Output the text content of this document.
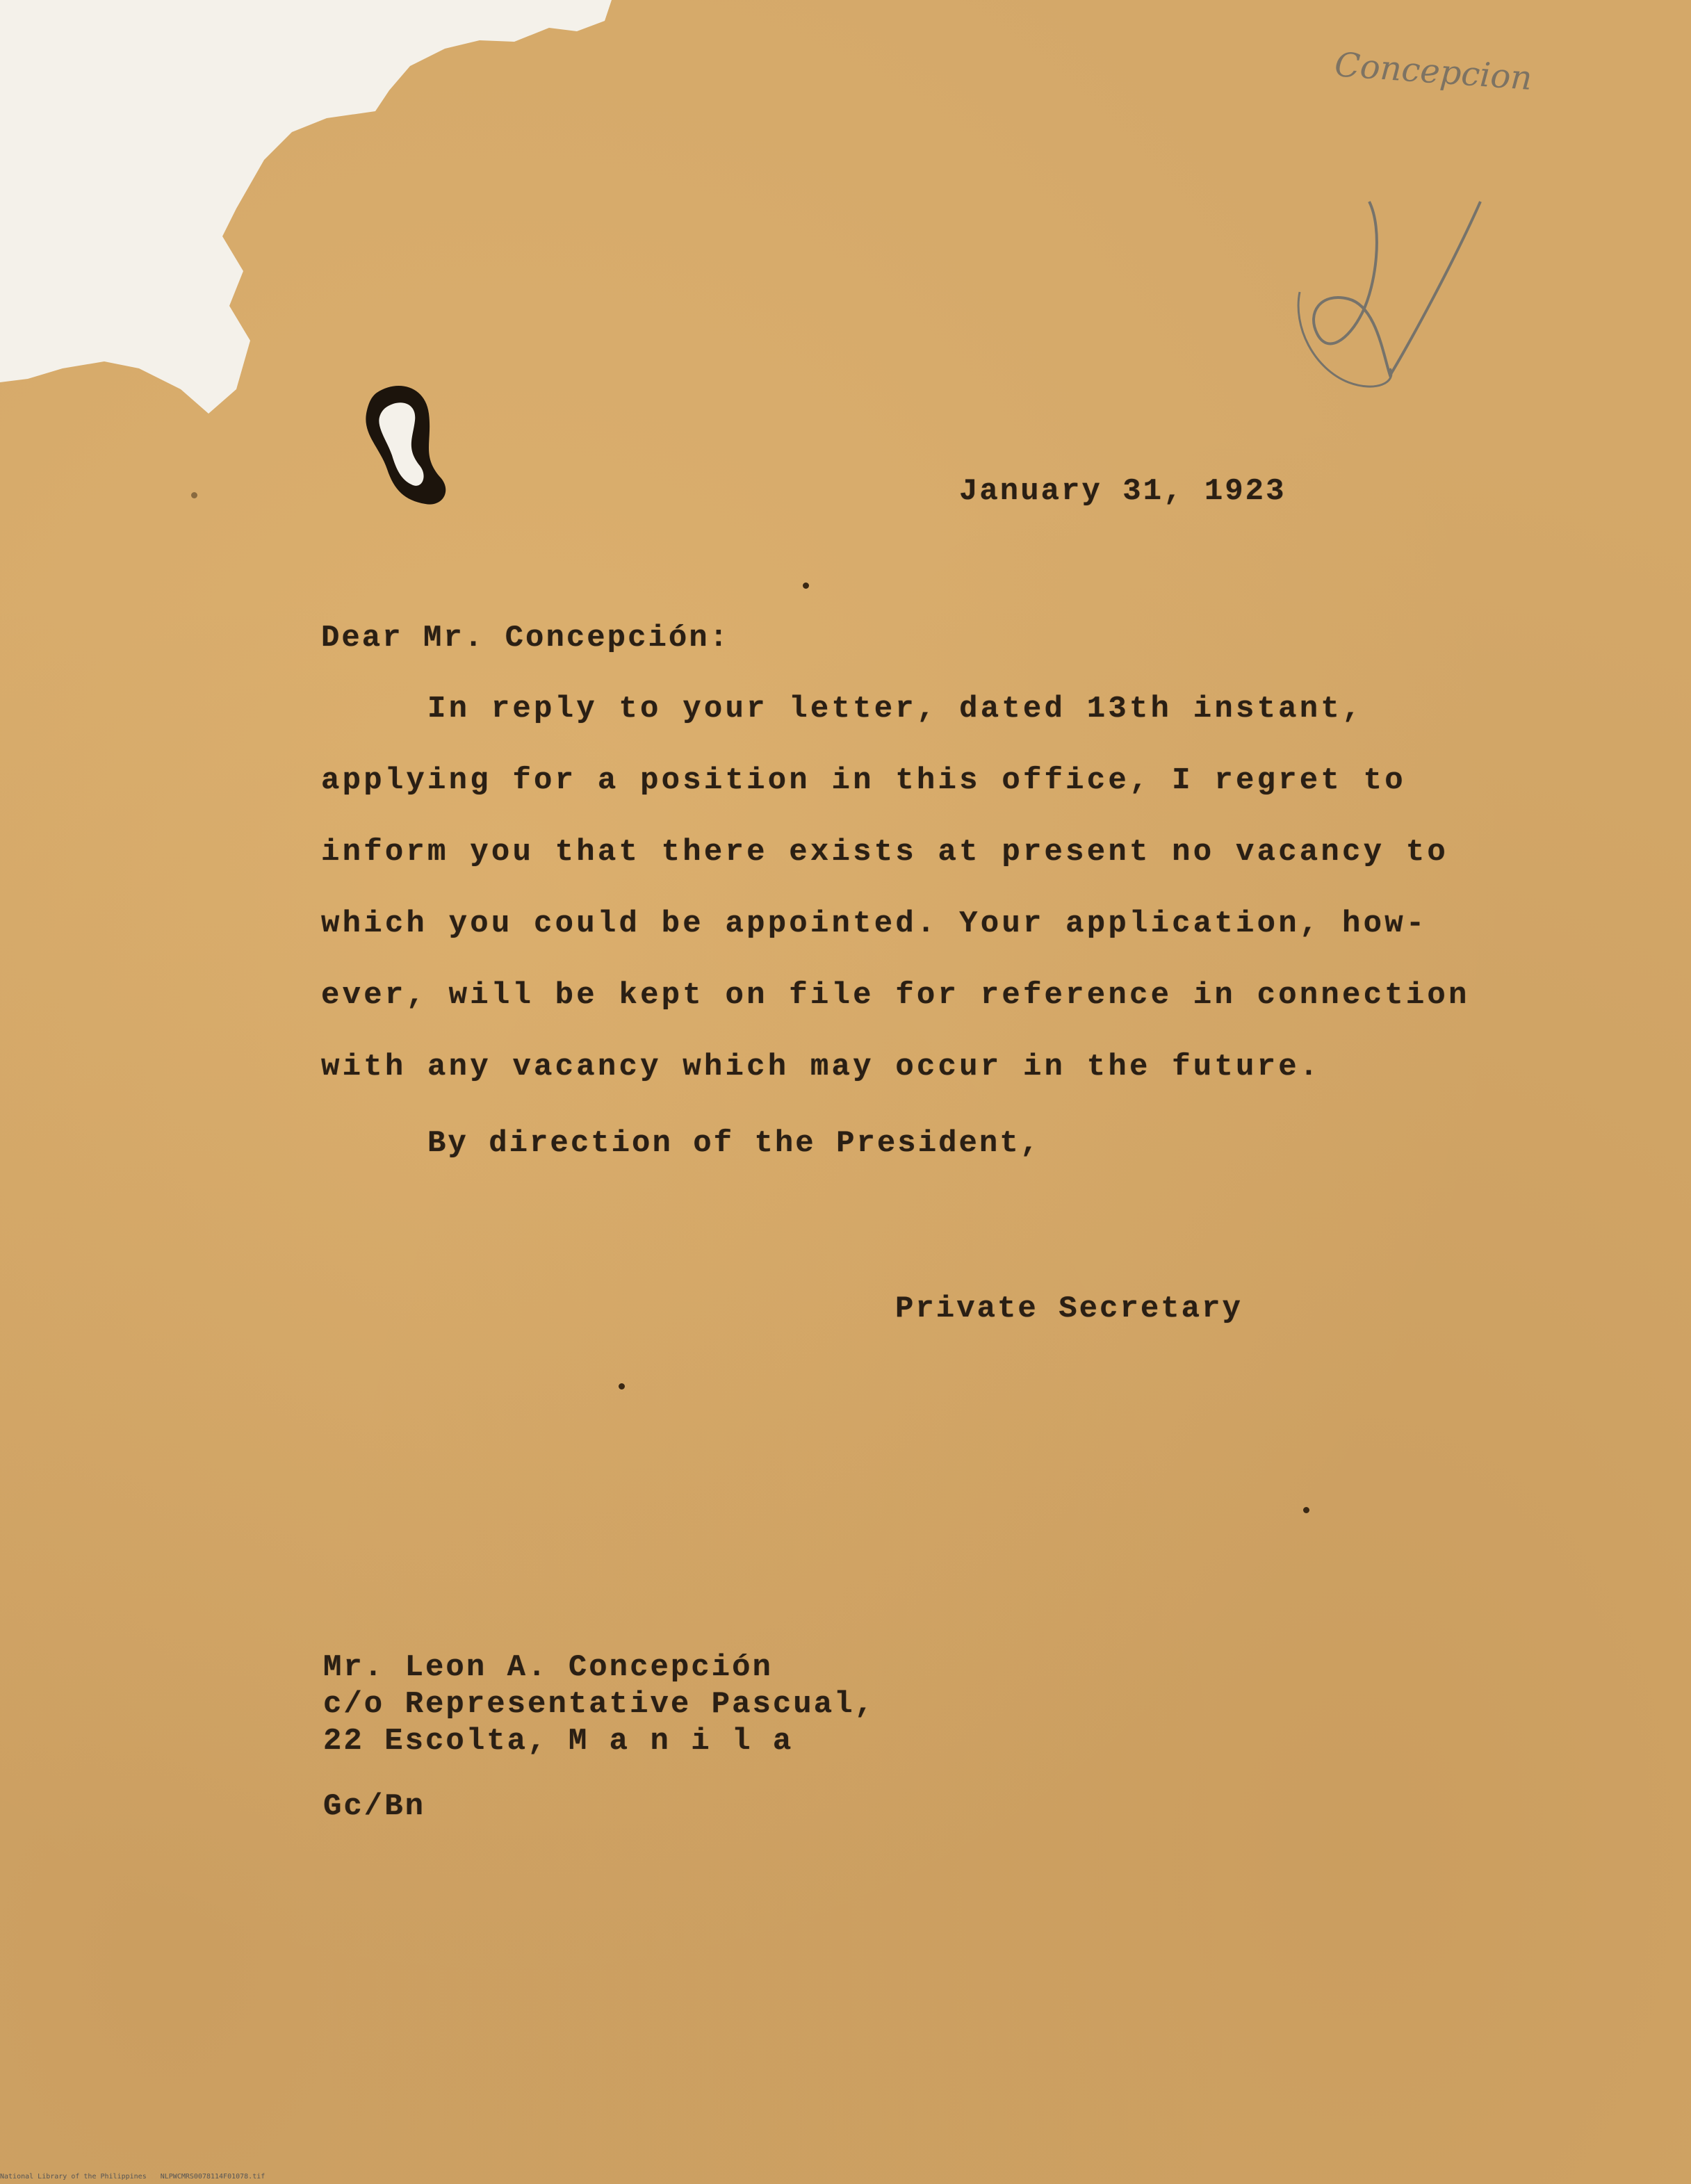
Concepcion
January 31, 1923
Dear Mr. Concepción:
In reply to your letter, dated 13th instant,
applying for a position in this office, I regret to
inform you that there exists at present no vacancy to
which you could be appointed. Your application, how-
ever, will be kept on file for reference in connection
with any vacancy which may occur in the future.
By direction of the President,
Private Secretary
Mr. Leon A. Concepción
c/o Representative Pascual,
22 Escolta, M a n i l a
Gc/Bn
National Library of the Philippines NLPWCMRS0078114F01078.tif
